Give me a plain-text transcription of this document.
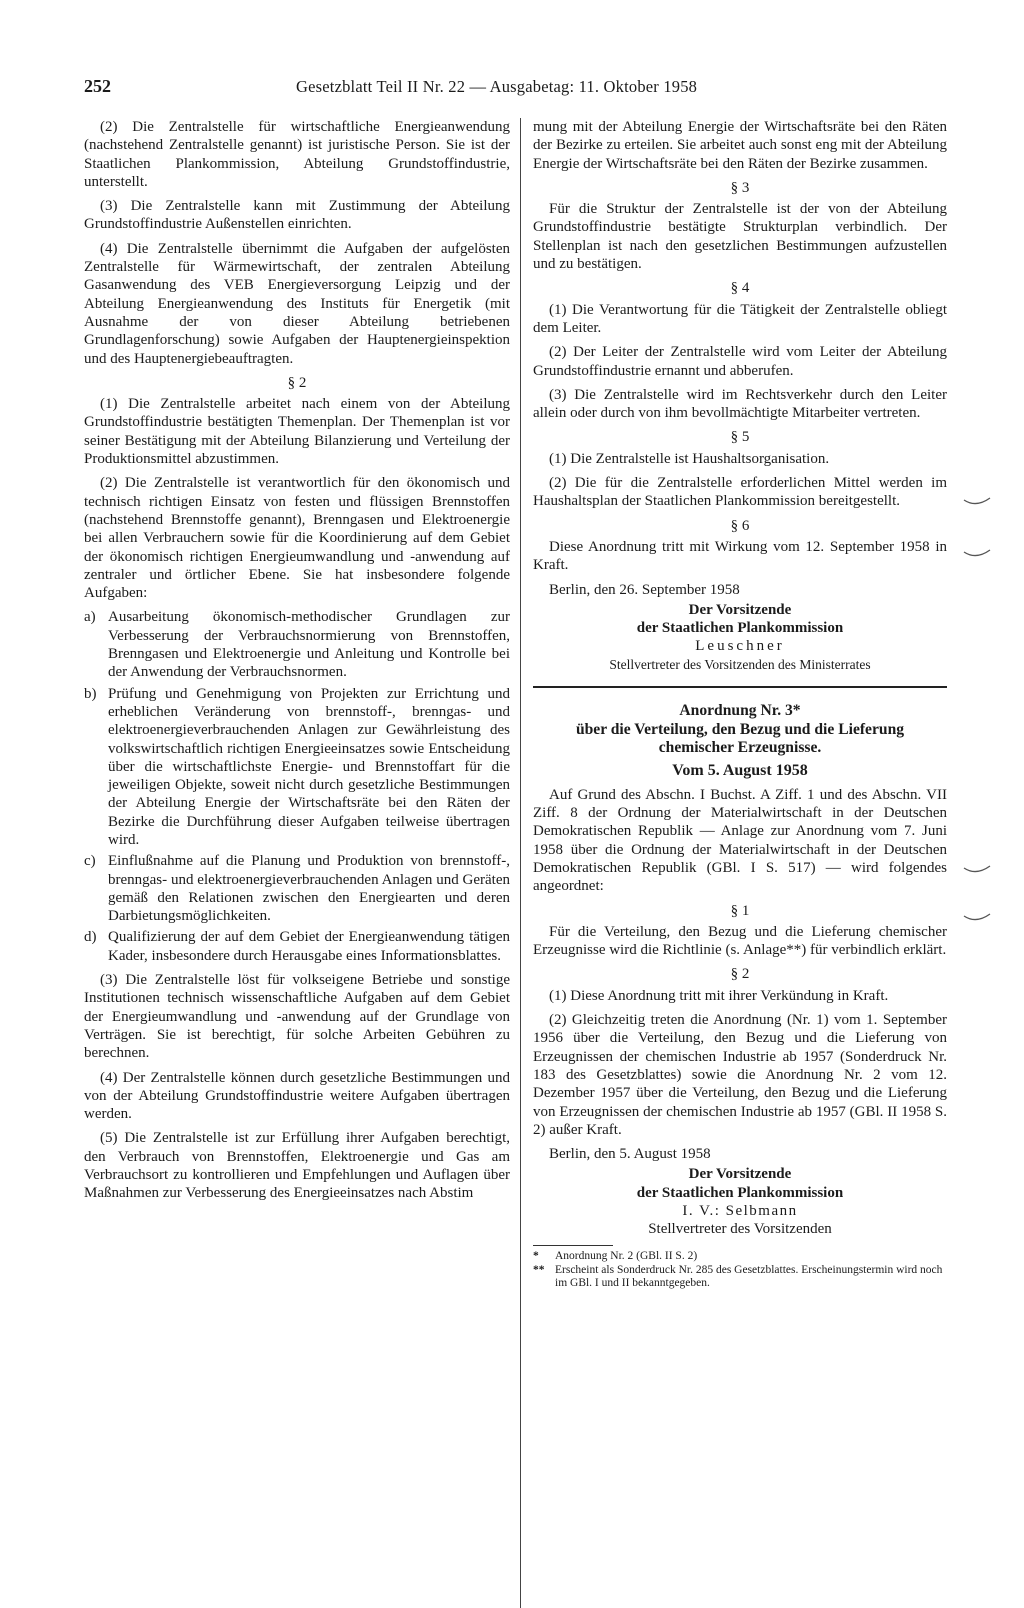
252	Gesetzblatt Teil II Nr. 22 — Ausgabetag: 11. Oktober 1958

(2) Die Zentralstelle für wirtschaftliche Energieanwendung (nachstehend Zentralstelle genannt) ist juristische Person. Sie ist der Staatlichen Plankommission, Abteilung Grundstoffindustrie, unterstellt.

(3) Die Zentralstelle kann mit Zustimmung der Abteilung Grundstoffindustrie Außenstellen einrichten.

(4) Die Zentralstelle übernimmt die Aufgaben der aufgelösten Zentralstelle für Wärmewirtschaft, der zentralen Abteilung Gasanwendung des VEB Energieversorgung Leipzig und der Abteilung Energieanwendung des Instituts für Energetik (mit Ausnahme der von dieser Abteilung betriebenen Grundlagenforschung) sowie Aufgaben der Hauptenergieinspektion und des Hauptenergiebeauftragten.

§ 2

(1) Die Zentralstelle arbeitet nach einem von der Abteilung Grundstoffindustrie bestätigten Themenplan. Der Themenplan ist vor seiner Bestätigung mit der Abteilung Bilanzierung und Verteilung der Produktionsmittel abzustimmen.

(2) Die Zentralstelle ist verantwortlich für den ökonomisch und technisch richtigen Einsatz von festen und flüssigen Brennstoffen (nachstehend Brennstoffe genannt), Brenngasen und Elektroenergie bei allen Verbrauchern sowie für die Koordinierung auf dem Gebiet der ökonomisch richtigen Energieumwandlung und -anwendung auf zentraler und örtlicher Ebene. Sie hat insbesondere folgende Aufgaben:

a) Ausarbeitung ökonomisch-methodischer Grundlagen zur Verbesserung der Verbrauchsnormierung von Brennstoffen, Brenngasen und Elektroenergie und Anleitung und Kontrolle bei der Anwendung der Verbrauchsnormen.
b) Prüfung und Genehmigung von Projekten zur Errichtung und erheblichen Veränderung von brennstoff-, brenngas- und elektroenergieverbrauchenden Anlagen zur Gewährleistung des volkswirtschaftlich richtigen Energieeinsatzes sowie Entscheidung über die wirtschaftlichste Energie- und Brennstoffart für die jeweiligen Objekte, soweit nicht durch gesetzliche Bestimmungen der Abteilung Energie der Wirtschaftsräte bei den Räten der Bezirke die Durchführung dieser Aufgaben teilweise übertragen wird.
c) Einflußnahme auf die Planung und Produktion von brennstoff-, brenngas- und elektroenergieverbrauchenden Anlagen und Geräten gemäß den Relationen zwischen den Energiearten und deren Darbietungsmöglichkeiten.
d) Qualifizierung der auf dem Gebiet der Energieanwendung tätigen Kader, insbesondere durch Herausgabe eines Informationsblattes.

(3) Die Zentralstelle löst für volkseigene Betriebe und sonstige Institutionen technisch wissenschaftliche Aufgaben auf dem Gebiet der Energieumwandlung und -anwendung auf der Grundlage von Verträgen. Sie ist berechtigt, für solche Arbeiten Gebühren zu berechnen.

(4) Der Zentralstelle können durch gesetzliche Bestimmungen und von der Abteilung Grundstoffindustrie weitere Aufgaben übertragen werden.

(5) Die Zentralstelle ist zur Erfüllung ihrer Aufgaben berechtigt, den Verbrauch von Brennstoffen, Elektroenergie und Gas am Verbrauchsort zu kontrollieren und Empfehlungen und Auflagen über Maßnahmen zur Verbesserung des Energieeinsatzes nach Abstim

mung mit der Abteilung Energie der Wirtschaftsräte bei den Räten der Bezirke zu erteilen. Sie arbeitet auch sonst eng mit der Abteilung Energie der Wirtschaftsräte bei den Räten der Bezirke zusammen.

§ 3

Für die Struktur der Zentralstelle ist der von der Abteilung Grundstoffindustrie bestätigte Strukturplan verbindlich. Der Stellenplan ist nach den gesetzlichen Bestimmungen aufzustellen und zu bestätigen.

§ 4

(1) Die Verantwortung für die Tätigkeit der Zentralstelle obliegt dem Leiter.

(2) Der Leiter der Zentralstelle wird vom Leiter der Abteilung Grundstoffindustrie ernannt und abberufen.

(3) Die Zentralstelle wird im Rechtsverkehr durch den Leiter allein oder durch von ihm bevollmächtigte Mitarbeiter vertreten.

§ 5

(1) Die Zentralstelle ist Haushaltsorganisation.

(2) Die für die Zentralstelle erforderlichen Mittel werden im Haushaltsplan der Staatlichen Plankommission bereitgestellt.

§ 6

Diese Anordnung tritt mit Wirkung vom 12. September 1958 in Kraft.

Berlin, den 26. September 1958

Der Vorsitzende

der Staatlichen Plankommission

Leuschner

Stellvertreter des Vorsitzenden des Ministerrates

Anordnung Nr. 3*

über die Verteilung, den Bezug und die Lieferung

chemischer Erzeugnisse.

Vom 5. August 1958

Auf Grund des Abschn. I Buchst. A Ziff. 1 und des Abschn. VII Ziff. 8 der Ordnung der Materialwirtschaft in der Deutschen Demokratischen Republik — Anlage zur Anordnung vom 7. Juni 1958 über die Ordnung der Materialwirtschaft in der Deutschen Demokratischen Republik (GBl. I S. 517) — wird folgendes angeordnet:

§ 1

Für die Verteilung, den Bezug und die Lieferung chemischer Erzeugnisse wird die Richtlinie (s. Anlage**) für verbindlich erklärt.

§ 2

(1) Diese Anordnung tritt mit ihrer Verkündung in Kraft.

(2) Gleichzeitig treten die Anordnung (Nr. 1) vom 1. September 1956 über die Verteilung, den Bezug und die Lieferung von Erzeugnissen der chemischen Industrie ab 1957 (Sonderdruck Nr. 183 des Gesetzblattes) sowie die Anordnung Nr. 2 vom 12. Dezember 1957 über die Verteilung, den Bezug und die Lieferung von Erzeugnissen der chemischen Industrie ab 1957 (GBl. II 1958 S. 2) außer Kraft.

Berlin, den 5. August 1958

Der Vorsitzende

der Staatlichen Plankommission

I. V.: Selbmann

Stellvertreter des Vorsitzenden

* Anordnung Nr. 2 (GBl. II S. 2)

** Erscheint als Sonderdruck Nr. 285 des Gesetzblattes. Erscheinungstermin wird noch im GBl. I und II bekanntgegeben.
